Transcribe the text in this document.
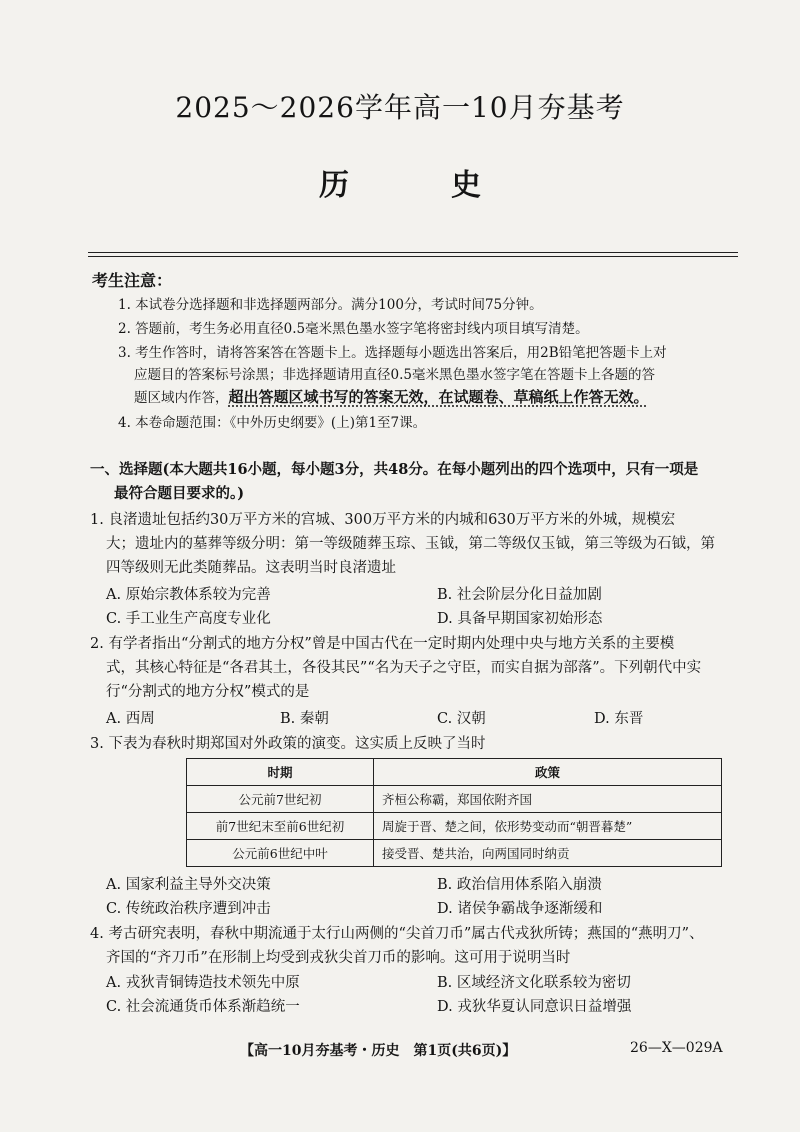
2025～2026学年高一10月夯基考
历　史
考生注意：
1. 本试卷分选择题和非选择题两部分。满分100分，考试时间75分钟。
2. 答题前，考生务必用直径0.5毫米黑色墨水签字笔将密封线内项目填写清楚。
3. 考生作答时，请将答案答在答题卡上。选择题每小题选出答案后，用2B铅笔把答题卡上对
应题目的答案标号涂黑；非选择题请用直径0.5毫米黑色墨水签字笔在答题卡上各题的答
题区域内作答，超出答题区域书写的答案无效，在试题卷、草稿纸上作答无效。
4. 本卷命题范围：《中外历史纲要》(上)第1至7课。
一、选择题(本大题共16小题，每小题3分，共48分。在每小题列出的四个选项中，只有一项是
最符合题目要求的。)
1. 良渚遗址包括约30万平方米的宫城、300万平方米的内城和630万平方米的外城，规模宏
大；遗址内的墓葬等级分明：第一等级随葬玉琮、玉钺，第二等级仅玉钺，第三等级为石钺，第
四等级则无此类随葬品。这表明当时良渚遗址
A. 原始宗教体系较为完善	B. 社会阶层分化日益加剧
C. 手工业生产高度专业化	D. 具备早期国家初始形态
2. 有学者指出“分割式的地方分权”曾是中国古代在一定时期内处理中央与地方关系的主要模
式，其核心特征是“各君其土，各役其民”“名为天子之守臣，而实自据为部落”。下列朝代中实
行“分割式的地方分权”模式的是
A. 西周	B. 秦朝	C. 汉朝	D. 东晋
3. 下表为春秋时期郑国对外政策的演变。这实质上反映了当时
时期	政策
公元前7世纪初	齐桓公称霸，郑国依附齐国
前7世纪末至前6世纪初	周旋于晋、楚之间，依形势变动而“朝晋暮楚”
公元前6世纪中叶	接受晋、楚共治，向两国同时纳贡
A. 国家利益主导外交决策	B. 政治信用体系陷入崩溃
C. 传统政治秩序遭到冲击	D. 诸侯争霸战争逐渐缓和
4. 考古研究表明，春秋中期流通于太行山两侧的“尖首刀币”属古代戎狄所铸；燕国的“燕明刀”、
齐国的“齐刀币”在形制上均受到戎狄尖首刀币的影响。这可用于说明当时
A. 戎狄青铜铸造技术领先中原	B. 区域经济文化联系较为密切
C. 社会流通货币体系渐趋统一	D. 戎狄华夏认同意识日益增强
【高一10月夯基考・历史　第1页(共6页)】	26—X—029A
